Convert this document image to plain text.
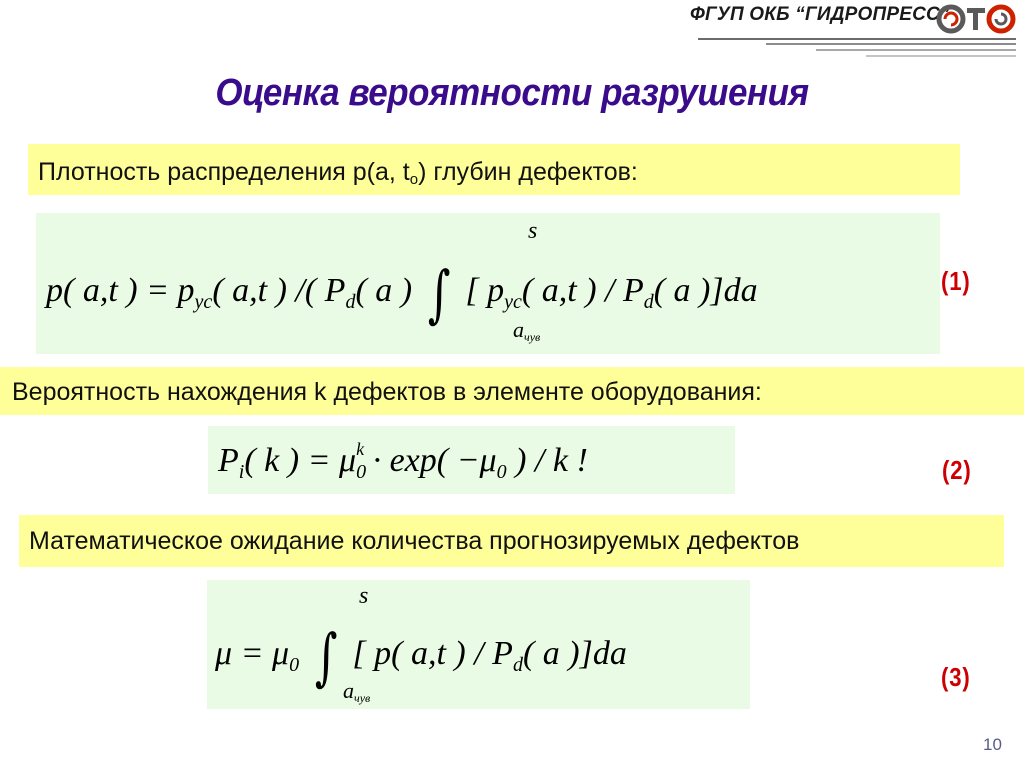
ФГУП ОКБ “ГИДРОПРЕСС”
Оценка вероятности разрушения
Плотность распределения p(a, $t_o$) глубин дефектов:
p( a,t ) = $p_{yc}$( a,t ) /( $P_d$( a ) ∫ [ $p_{yc}$( a,t ) / $P_d$( a )]da
s
$a_{чув}$
(1)
Вероятность нахождения k дефектов в элементе оборудования:
$P_i$( k ) = $\mu_0^k \cdot \exp( -\mu_0$ ) / k !	(2)
Математическое ожидание количества прогнозируемых дефектов
$\mu = \mu_0$ ∫ [ p( a,t ) / $P_d$( a )]da
s
$a_{чув}$
(3)
10
